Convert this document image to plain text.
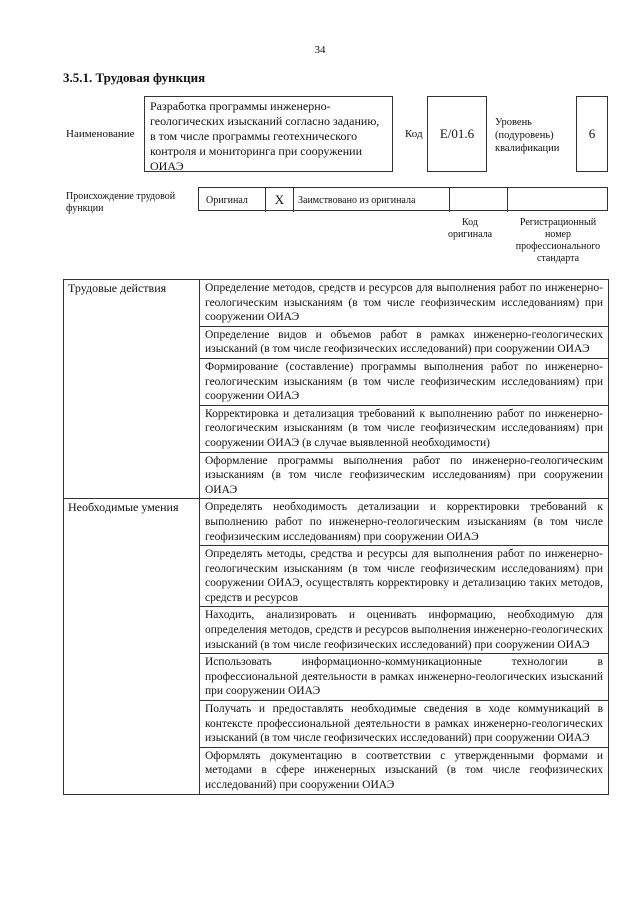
34
3.5.1. Трудовая функция
Наименование
Разработка программы инженерно-геологических изысканий согласно заданию, в том числе программы геотехнического контроля и мониторинга при сооружении ОИАЭ
Код	E/01.6
Уровень (подуровень) квалификации
6
Происхождение трудовой функции
Оригинал	X	Заимствовано из оригинала
Код оригинала
Регистрационный номер профессионального стандарта
Трудовые действия	Определение методов, средств и ресурсов для выполнения работ по инженерно-геологическим изысканиям (в том числе геофизическим исследованиям) при сооружении ОИАЭ
	Определение видов и объемов работ в рамках инженерно-геологических изысканий (в том числе геофизических исследований) при сооружении ОИАЭ
	Формирование (составление) программы выполнения работ по инженерно-геологическим изысканиям (в том числе геофизическим исследованиям) при сооружении ОИАЭ
	Корректировка и детализация требований к выполнению работ по инженерно-геологическим изысканиям (в том числе геофизическим исследованиям) при сооружении ОИАЭ (в случае выявленной необходимости)
	Оформление программы выполнения работ по инженерно-геологическим изысканиям (в том числе геофизическим исследованиям) при сооружении ОИАЭ
Необходимые умения	Определять необходимость детализации и корректировки требований к выполнению работ по инженерно-геологическим изысканиям (в том числе геофизическим исследованиям) при сооружении ОИАЭ
	Определять методы, средства и ресурсы для выполнения работ по инженерно-геологическим изысканиям (в том числе геофизическим исследованиям) при сооружении ОИАЭ, осуществлять корректировку и детализацию таких методов, средств и ресурсов
	Находить, анализировать и оценивать информацию, необходимую для определения методов, средств и ресурсов выполнения инженерно-геологических изысканий (в том числе геофизических исследований) при сооружении ОИАЭ
	Использовать информационно-коммуникационные технологии в профессиональной деятельности в рамках инженерно-геологических изысканий при сооружении ОИАЭ
	Получать и предоставлять необходимые сведения в ходе коммуникаций в контексте профессиональной деятельности в рамках инженерно-геологических изысканий (в том числе геофизических исследований) при сооружении ОИАЭ
	Оформлять документацию в соответствии с утвержденными формами и методами в сфере инженерных изысканий (в том числе геофизических исследований) при сооружении ОИАЭ
